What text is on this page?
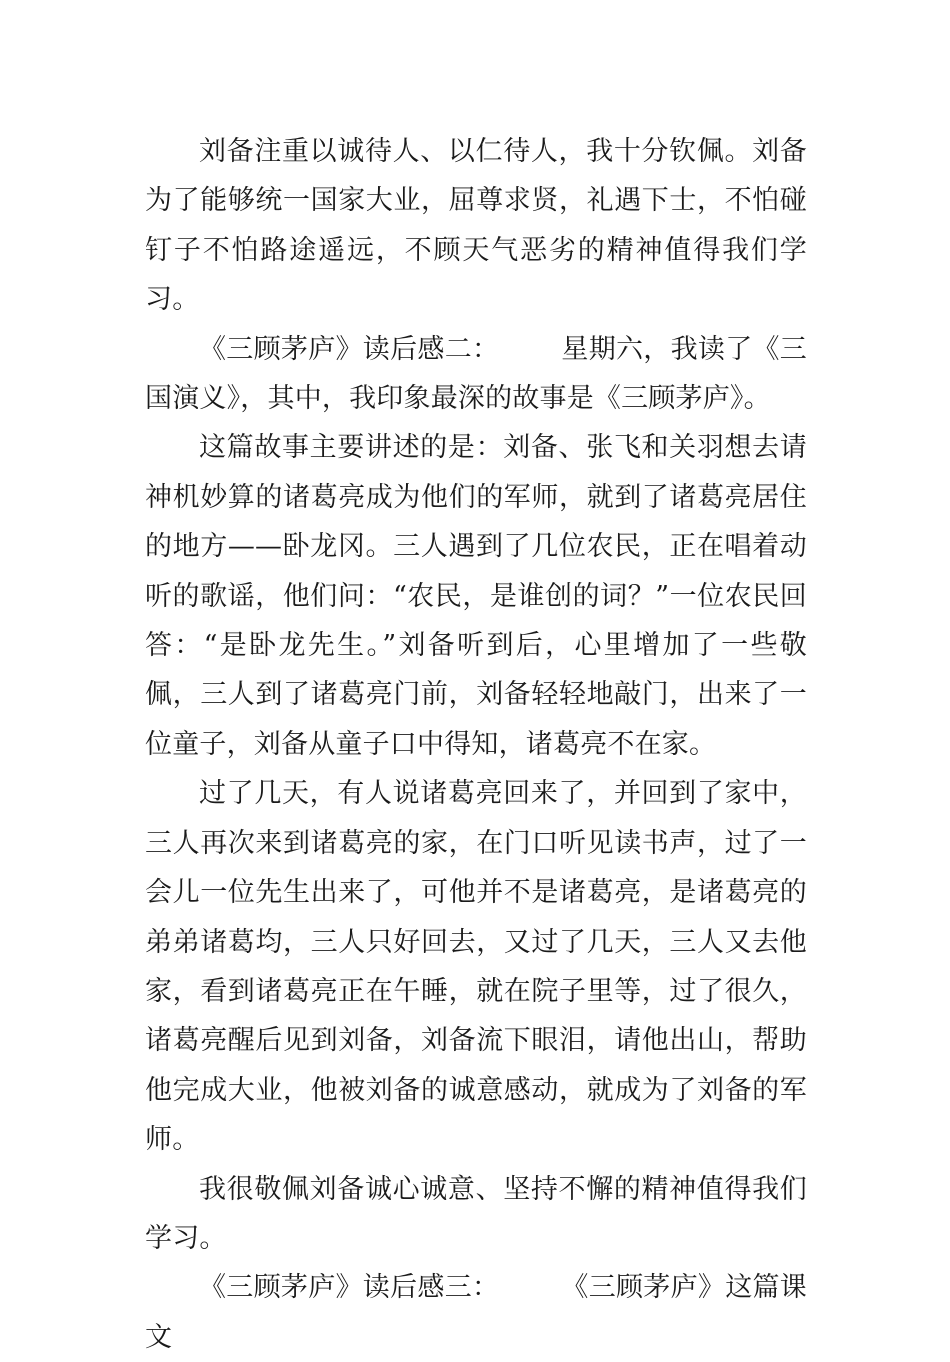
刘备注重以诚待人、以仁待人，我十分钦佩。刘备为了能够统一国家大业，屈尊求贤，礼遇下士，不怕碰钉子不怕路途遥远，不顾天气恶劣的精神值得我们学习。

《三顾茅庐》读后感二： 星期六，我读了《三国演义》，其中，我印象最深的故事是《三顾茅庐》。

这篇故事主要讲述的是：刘备、张飞和关羽想去请神机妙算的诸葛亮成为他们的军师，就到了诸葛亮居住的地方——卧龙冈。三人遇到了几位农民，正在唱着动听的歌谣，他们问：“农民，是谁创的词？”一位农民回答：“是卧龙先生。”刘备听到后，心里增加了一些敬佩，三人到了诸葛亮门前，刘备轻轻地敲门，出来了一位童子，刘备从童子口中得知，诸葛亮不在家。

过了几天，有人说诸葛亮回来了，并回到了家中，三人再次来到诸葛亮的家，在门口听见读书声，过了一会儿一位先生出来了，可他并不是诸葛亮，是诸葛亮的弟弟诸葛均，三人只好回去，又过了几天，三人又去他家，看到诸葛亮正在午睡，就在院子里等，过了很久，诸葛亮醒后见到刘备，刘备流下眼泪，请他出山，帮助他完成大业，他被刘备的诚意感动，就成为了刘备的军师。

我很敬佩刘备诚心诚意、坚持不懈的精神值得我们学习。

《三顾茅庐》读后感三： 《三顾茅庐》这篇课文
